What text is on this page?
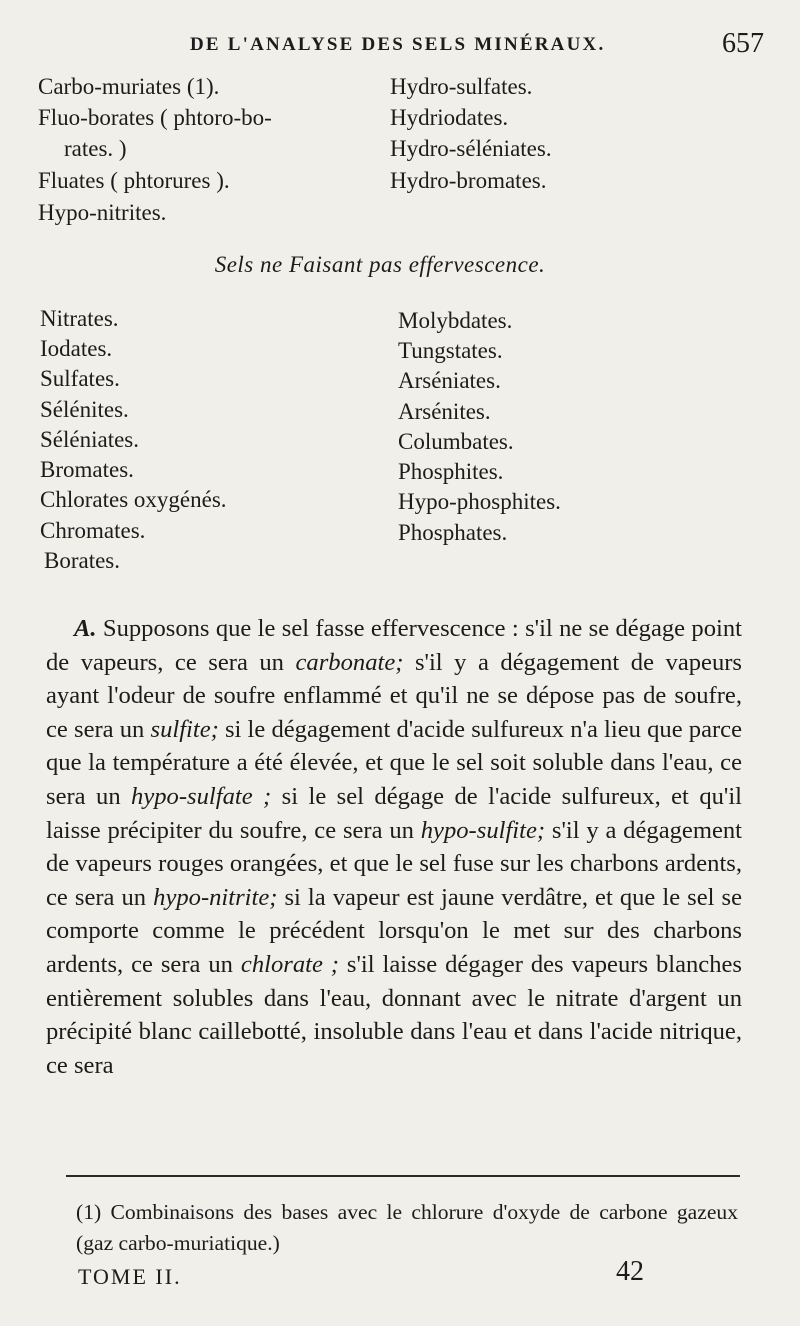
DE L'ANALYSE DES SELS MINÉRAUX.	657
Carbo-muriates (1).
Fluo-borates ( phtoro-bo-
rates. )
Fluates ( phtorures ).
Hypo-nitrites.
Hydro-sulfates.
Hydriodates.
Hydro-séléniates.
Hydro-bromates.
Sels ne Faisant pas effervescence.
Nitrates.
Iodates.
Sulfates.
Sélénites.
Séléniates.
Bromates.
Chlorates oxygénés.
Chromates.
Borates.
Molybdates.
Tungstates.
Arséniates.
Arsénites.
Columbates.
Phosphites.
Hypo-phosphites.
Phosphates.

A. Supposons que le sel fasse effervescence : s'il ne se dégage point de vapeurs, ce sera un carbonate; s'il y a dégagement de vapeurs ayant l'odeur de soufre enflammé et qu'il ne se dépose pas de soufre, ce sera un sulfite; si le dégagement d'acide sulfureux n'a lieu que parce que la température a été élevée, et que le sel soit soluble dans l'eau, ce sera un hypo-sulfate ; si le sel dégage de l'acide sulfureux, et qu'il laisse précipiter du soufre, ce sera un hypo-sulfite; s'il y a dégagement de vapeurs rouges orangées, et que le sel fuse sur les charbons ardents, ce sera un hypo-nitrite; si la vapeur est jaune verdâtre, et que le sel se comporte comme le précédent lorsqu'on le met sur des charbons ardents, ce sera un chlorate ; s'il laisse dégager des vapeurs blanches entièrement solubles dans l'eau, donnant avec le nitrate d'argent un précipité blanc caillebotté, insoluble dans l'eau et dans l'acide nitrique, ce sera

(1) Combinaisons des bases avec le chlorure d'oxyde de carbone gazeux (gaz carbo-muriatique.)

TOME II.	42
